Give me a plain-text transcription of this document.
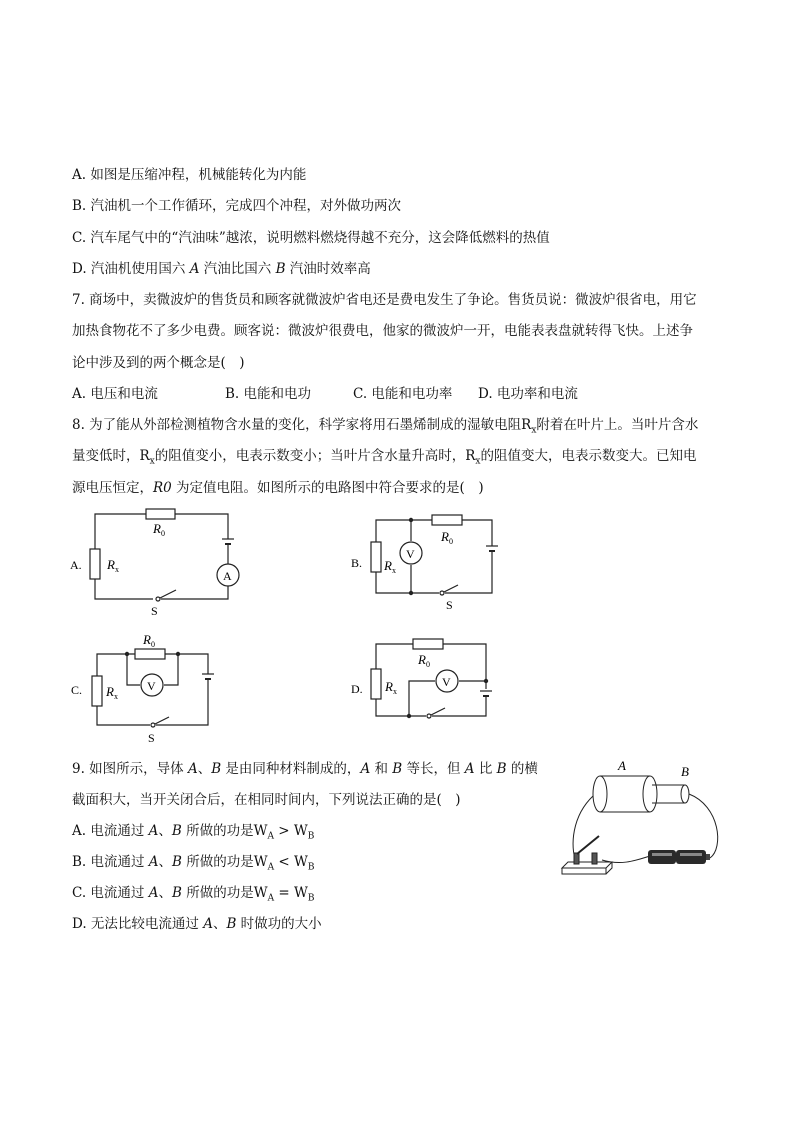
A. 如图是压缩冲程，机械能转化为内能
B. 汽油机一个工作循环，完成四个冲程，对外做功两次
C. 汽车尾气中的“汽油味”越浓，说明燃料燃烧得越不充分，这会降低燃料的热值
D. 汽油机使用国六 A 汽油比国六 B 汽油时效率高
7. 商场中，卖微波炉的售货员和顾客就微波炉省电还是费电发生了争论。售货员说：微波炉很省电，用它
加热食物花不了多少电费。顾客说：微波炉很费电，他家的微波炉一开，电能表表盘就转得飞快。上述争
论中涉及到的两个概念是(　)
A. 电压和电流	B. 电能和电功	C. 电能和电功率 D. 电功率和电流
8. 为了能从外部检测植物含水量的变化，科学家将用石墨烯制成的湿敏电阻$R_x$附着在叶片上。当叶片含水
量变低时，$R_x$的阻值变小，电表示数变小；当叶片含水量升高时，$R_x$的阻值变大，电表示数变大。已知电
源电压恒定，R0 为定值电阻。如图所示的电路图中符合要求的是(　)
A.
$R_0$
$R_x$	A
S
B.
$R_0$
$R_x$
V
S
C.
$R_0$
$R_x$
V
S
D.
$R_0$
$R_x$
V
9. 如图所示，导体 A、B 是由同种材料制成的，A 和 B 等长，但 A 比 B 的横
截面积大，当开关闭合后，在相同时间内，下列说法正确的是(　)
A. 电流通过 A、B 所做的功是$W_A > W_B$
B. 电流通过 A、B 所做的功是$W_A < W_B$
C. 电流通过 A、B 所做的功是$W_A = W_B$
D. 无法比较电流通过 A、B 时做功的大小
A	B
